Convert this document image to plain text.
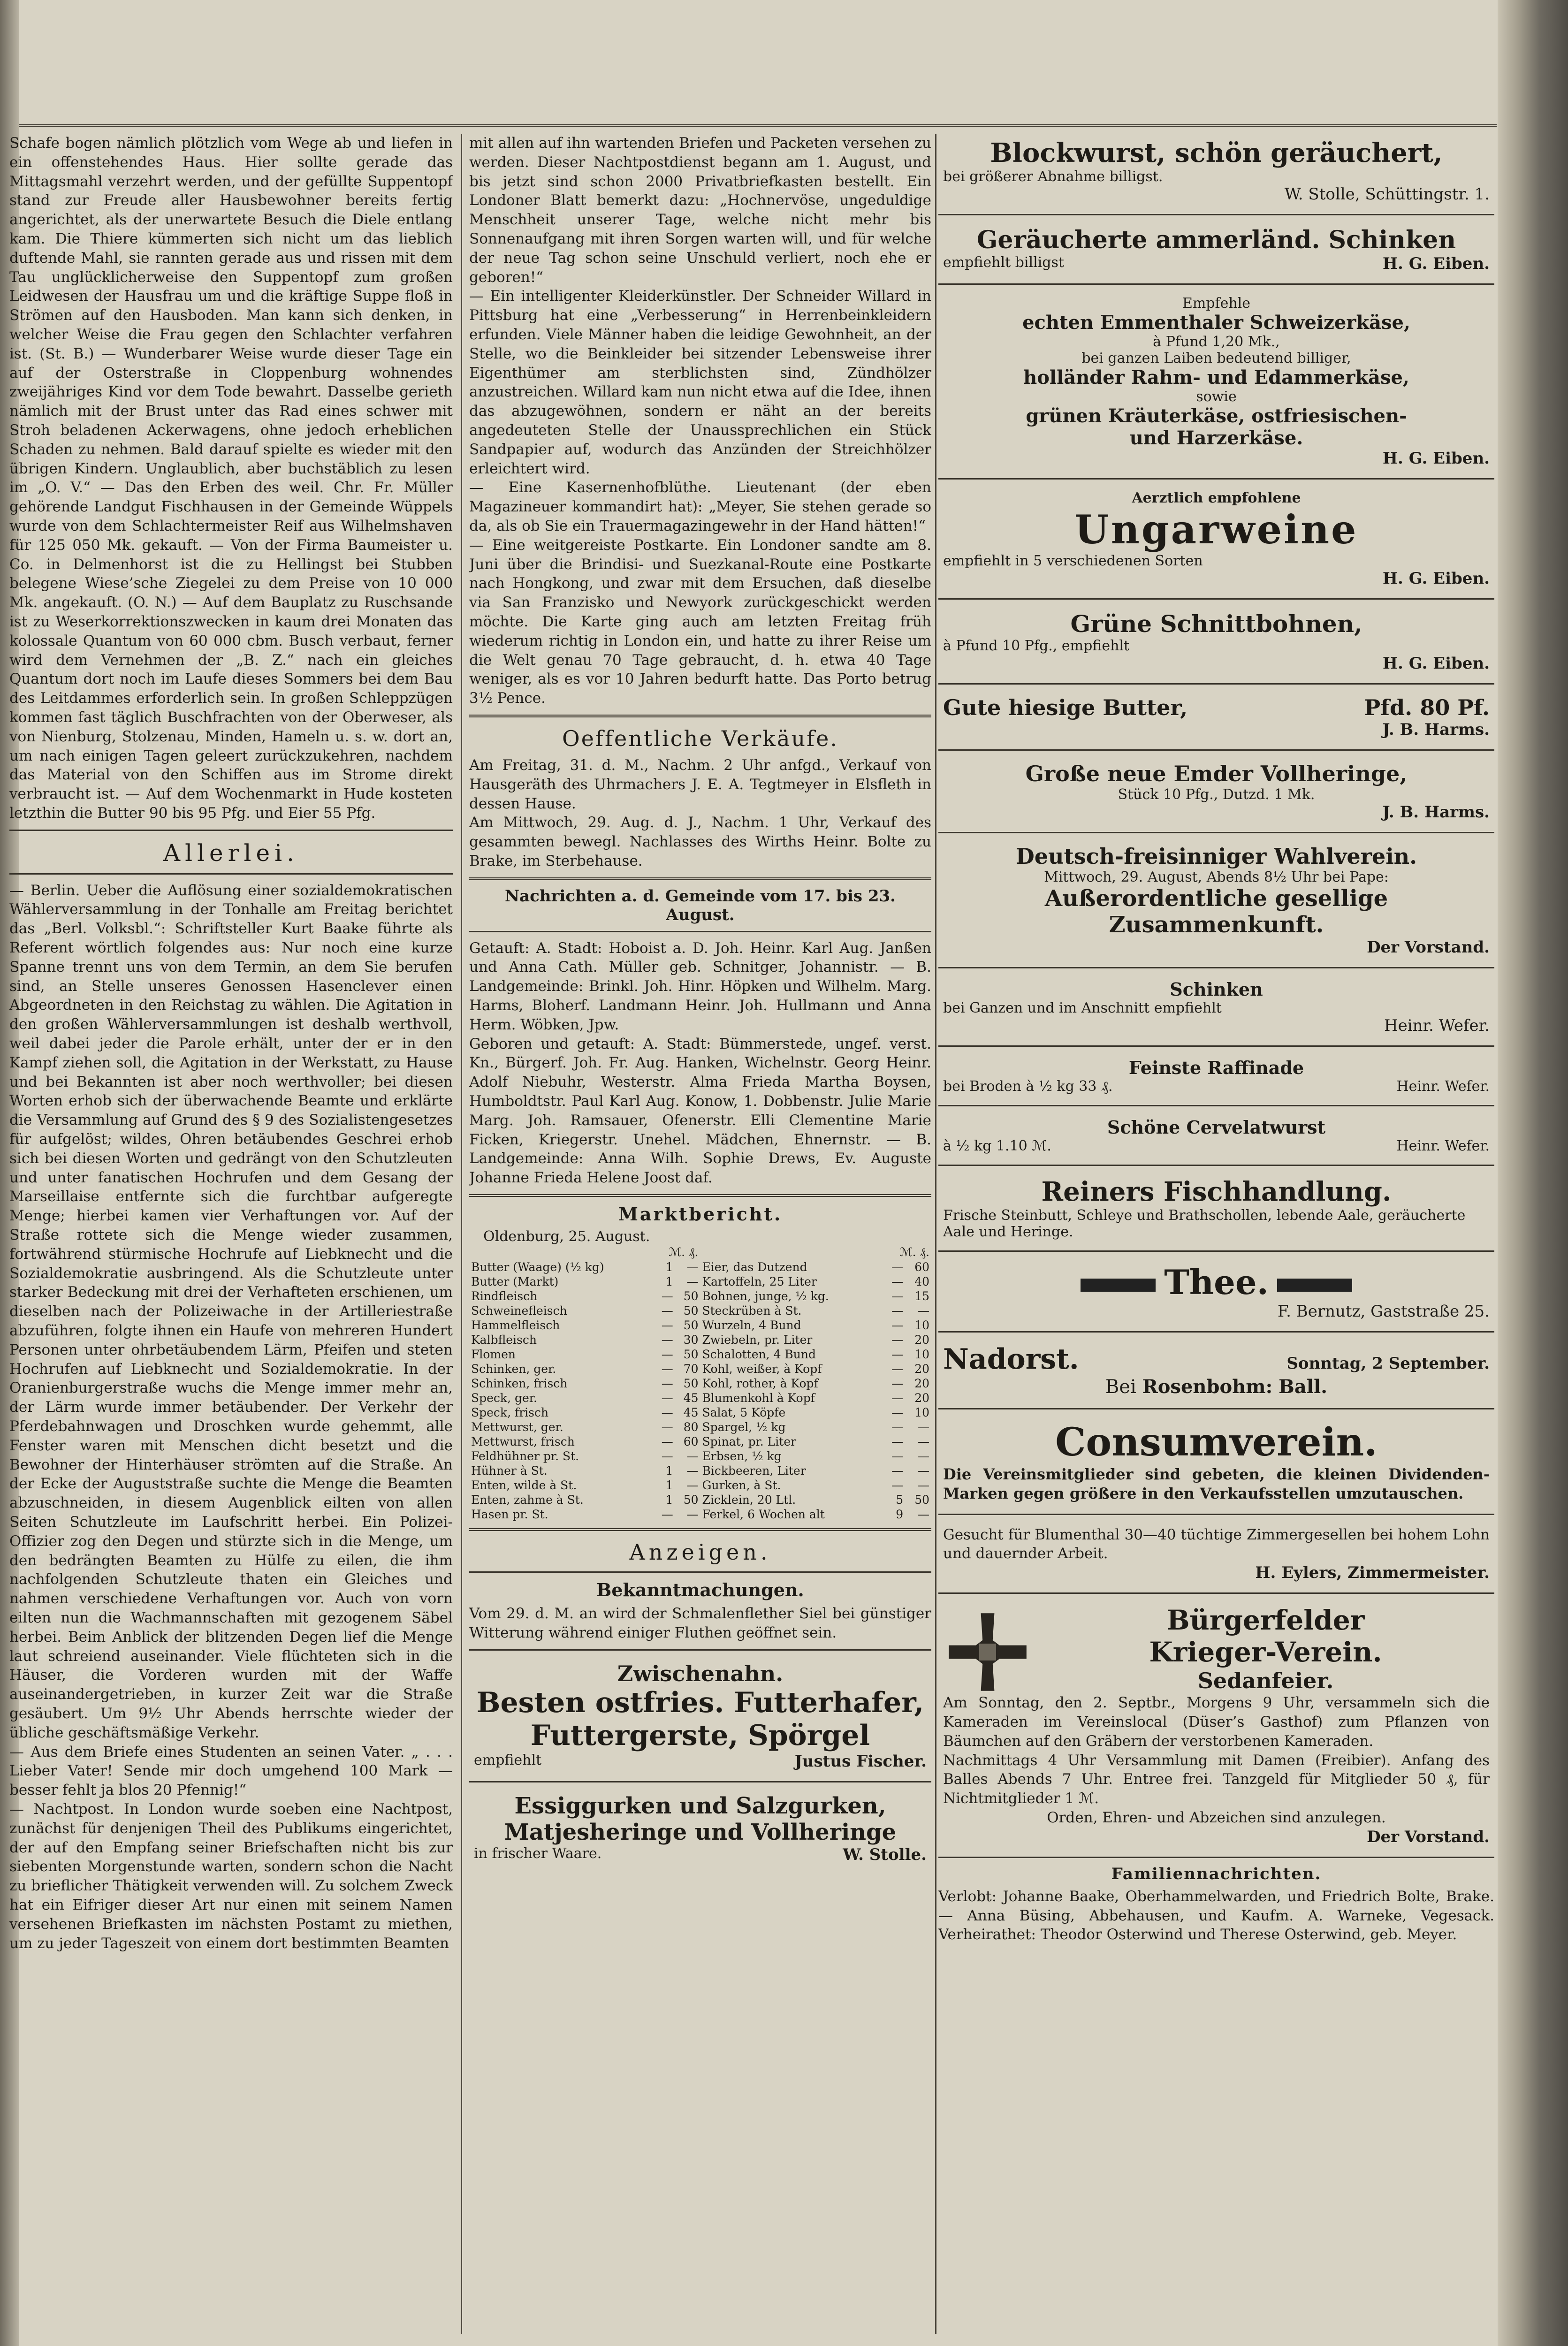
Schafe bogen nämlich plötzlich vom Wege ab und liefen in ein offenstehendes Haus. Hier sollte gerade das Mittagsmahl verzehrt werden, und der gefüllte Suppentopf stand zur Freude aller Hausbewohner bereits fertig angerichtet, als der unerwartete Besuch die Diele entlang kam. Die Thiere kümmerten sich nicht um das lieblich duftende Mahl, sie rannten gerade aus und rissen mit dem Tau unglücklicherweise den Suppentopf zum großen Leidwesen der Hausfrau um und die kräftige Suppe floß in Strömen auf den Hausboden. Man kann sich denken, in welcher Weise die Frau gegen den Schlachter verfahren ist. (St. B.) — Wunderbarer Weise wurde dieser Tage ein auf der Osterstraße in Cloppenburg wohnendes zweijähriges Kind vor dem Tode bewahrt. Dasselbe gerieth nämlich mit der Brust unter das Rad eines schwer mit Stroh beladenen Ackerwagens, ohne jedoch erheblichen Schaden zu nehmen. Bald darauf spielte es wieder mit den übrigen Kindern. Unglaublich, aber buchstäblich zu lesen im „O. V.“ — Das den Erben des weil. Chr. Fr. Müller gehörende Landgut Fischhausen in der Gemeinde Wüppels wurde von dem Schlachtermeister Reif aus Wilhelmshaven für 125 050 Mk. gekauft. — Von der Firma Baumeister u. Co. in Delmenhorst ist die zu Hellingst bei Stubben belegene Wiese’sche Ziegelei zu dem Preise von 10 000 Mk. angekauft. (O. N.) — Auf dem Bauplatz zu Ruschsande ist zu Weserkorrektionszwecken in kaum drei Monaten das kolossale Quantum von 60 000 cbm. Busch verbaut, ferner wird dem Vernehmen der „B. Z.“ nach ein gleiches Quantum dort noch im Laufe dieses Sommers bei dem Bau des Leitdammes erforderlich sein. In großen Schleppzügen kommen fast täglich Buschfrachten von der Oberweser, als von Nienburg, Stolzenau, Minden, Hameln u. s. w. dort an, um nach einigen Tagen geleert zurückzukehren, nachdem das Material von den Schiffen aus im Strome direkt verbraucht ist. — Auf dem Wochenmarkt in Hude kosteten letzthin die Butter 90 bis 95 Pfg. und Eier 55 Pfg.

Allerlei.

— Berlin. Ueber die Auflösung einer sozialdemokratischen Wählerversammlung in der Tonhalle am Freitag berichtet das „Berl. Volksbl.“: Schriftsteller Kurt Baake führte als Referent wörtlich folgendes aus: Nur noch eine kurze Spanne trennt uns von dem Termin, an dem Sie berufen sind, an Stelle unseres Genossen Hasenclever einen Abgeordneten in den Reichstag zu wählen. Die Agitation in den großen Wählerversammlungen ist deshalb werthvoll, weil dabei jeder die Parole erhält, unter der er in den Kampf ziehen soll, die Agitation in der Werkstatt, zu Hause und bei Bekannten ist aber noch werthvoller; bei diesen Worten erhob sich der überwachende Beamte und erklärte die Versammlung auf Grund des § 9 des Sozialistengesetzes für aufgelöst; wildes, Ohren betäubendes Geschrei erhob sich bei diesen Worten und gedrängt von den Schutzleuten und unter fanatischen Hochrufen und dem Gesang der Marseillaise entfernte sich die furchtbar aufgeregte Menge; hierbei kamen vier Verhaftungen vor. Auf der Straße rottete sich die Menge wieder zusammen, fortwährend stürmische Hochrufe auf Liebknecht und die Sozialdemokratie ausbringend. Als die Schutzleute unter starker Bedeckung mit drei der Verhafteten erschienen, um dieselben nach der Polizeiwache in der Artilleriestraße abzuführen, folgte ihnen ein Haufe von mehreren Hundert Personen unter ohrbetäubendem Lärm, Pfeifen und steten Hochrufen auf Liebknecht und Sozialdemokratie. In der Oranienburgerstraße wuchs die Menge immer mehr an, der Lärm wurde immer betäubender. Der Verkehr der Pferdebahnwagen und Droschken wurde gehemmt, alle Fenster waren mit Menschen dicht besetzt und die Bewohner der Hinterhäuser strömten auf die Straße. An der Ecke der Auguststraße suchte die Menge die Beamten abzuschneiden, in diesem Augenblick eilten von allen Seiten Schutzleute im Laufschritt herbei. Ein Polizei-Offizier zog den Degen und stürzte sich in die Menge, um den bedrängten Beamten zu Hülfe zu eilen, die ihm nachfolgenden Schutzleute thaten ein Gleiches und nahmen verschiedene Verhaftungen vor. Auch von vorn eilten nun die Wachmannschaften mit gezogenem Säbel herbei. Beim Anblick der blitzenden Degen lief die Menge laut schreiend auseinander. Viele flüchteten sich in die Häuser, die Vorderen wurden mit der Waffe auseinandergetrieben, in kurzer Zeit war die Straße gesäubert. Um 9½ Uhr Abends herrschte wieder der übliche geschäftsmäßige Verkehr.

— Aus dem Briefe eines Studenten an seinen Vater. „ . . . Lieber Vater! Sende mir doch umgehend 100 Mark — besser fehlt ja blos 20 Pfennig!“

— Nachtpost. In London wurde soeben eine Nachtpost, zunächst für denjenigen Theil des Publikums eingerichtet, der auf den Empfang seiner Briefschaften nicht bis zur siebenten Morgenstunde warten, sondern schon die Nacht zu brieflicher Thätigkeit verwenden will. Zu solchem Zweck hat ein Eifriger dieser Art nur einen mit seinem Namen versehenen Briefkasten im nächsten Postamt zu miethen, um zu jeder Tageszeit von einem dort bestimmten Beamten

mit allen auf ihn wartenden Briefen und Packeten versehen zu werden. Dieser Nachtpostdienst begann am 1. August, und bis jetzt sind schon 2000 Privatbriefkasten bestellt. Ein Londoner Blatt bemerkt dazu: „Hochnervöse, ungeduldige Menschheit unserer Tage, welche nicht mehr bis Sonnenaufgang mit ihren Sorgen warten will, und für welche der neue Tag schon seine Unschuld verliert, noch ehe er geboren!“

— Ein intelligenter Kleiderkünstler. Der Schneider Willard in Pittsburg hat eine „Verbesserung“ in Herrenbeinkleidern erfunden. Viele Männer haben die leidige Gewohnheit, an der Stelle, wo die Beinkleider bei sitzender Lebensweise ihrer Eigenthümer am sterblichsten sind, Zündhölzer anzustreichen. Willard kam nun nicht etwa auf die Idee, ihnen das abzugewöhnen, sondern er näht an der bereits angedeuteten Stelle der Unaussprechlichen ein Stück Sandpapier auf, wodurch das Anzünden der Streichhölzer erleichtert wird.

— Eine Kasernenhofblüthe. Lieutenant (der eben Magazineuer kommandirt hat): „Meyer, Sie stehen gerade so da, als ob Sie ein Trauermagazingewehr in der Hand hätten!“

— Eine weitgereiste Postkarte. Ein Londoner sandte am 8. Juni über die Brindisi- und Suezkanal-Route eine Postkarte nach Hongkong, und zwar mit dem Ersuchen, daß dieselbe via San Franzisko und Newyork zurückgeschickt werden möchte. Die Karte ging auch am letzten Freitag früh wiederum richtig in London ein, und hatte zu ihrer Reise um die Welt genau 70 Tage gebraucht, d. h. etwa 40 Tage weniger, als es vor 10 Jahren bedurft hatte. Das Porto betrug 3½ Pence.

Oeffentliche Verkäufe.

Am Freitag, 31. d. M., Nachm. 2 Uhr anfgd., Verkauf von Hausgeräth des Uhrmachers J. E. A. Tegtmeyer in Elsfleth in dessen Hause.

Am Mittwoch, 29. Aug. d. J., Nachm. 1 Uhr, Verkauf des gesammten bewegl. Nachlasses des Wirths Heinr. Bolte zu Brake, im Sterbehause.

Nachrichten a. d. Gemeinde vom 17. bis 23. August.

Getauft: A. Stadt: Hoboist a. D. Joh. Heinr. Karl Aug. Janßen und Anna Cath. Müller geb. Schnitger, Johannistr. — B. Landgemeinde: Brinkl. Joh. Hinr. Höpken und Wilhelm. Marg. Harms, Bloherf. Landmann Heinr. Joh. Hullmann und Anna Herm. Wöbken, Jpw.

Geboren und getauft: A. Stadt: Bümmerstede, ungef. verst. Kn., Bürgerf. Joh. Fr. Aug. Hanken, Wichelnstr. Georg Heinr. Adolf Niebuhr, Westerstr. Alma Frieda Martha Boysen, Humboldtstr. Paul Karl Aug. Konow, 1. Dobbenstr. Julie Marie Marg. Joh. Ramsauer, Ofenerstr. Elli Clementine Marie Ficken, Kriegerstr. Unehel. Mädchen, Ehnernstr. — B. Landgemeinde: Anna Wilh. Sophie Drews, Ev. Auguste Johanne Frieda Helene Joost daf.

Marktbericht.
Oldenburg, 25. August.
	ℳ. ₰.	
Butter (Waage) (½ kg)	1	—
Butter (Markt)	1	—
Rindfleisch	—	50
Schweinefleisch	—	50
Hammelfleisch	—	50
Kalbfleisch	—	30
Flomen	—	50
Schinken, ger.	—	70
Schinken, frisch	—	50
Speck, ger.	—	45
Speck, frisch	—	45
Mettwurst, ger.	—	80
Mettwurst, frisch	—	60
Feldhühner pr. St.	—	—
Hühner à St.	1	—
Enten, wilde à St.	1	—
Enten, zahme à St.	1	50
Hasen pr. St.	—	—
	ℳ. ₰.	
Eier, das Dutzend	—	60
Kartoffeln, 25 Liter	—	40
Bohnen, junge, ½ kg.	—	15
Steckrüben à St.	—	—
Wurzeln, 4 Bund	—	10
Zwiebeln, pr. Liter	—	20
Schalotten, 4 Bund	—	10
Kohl, weißer, à Kopf	—	20
Kohl, rother, à Kopf	—	20
Blumenkohl à Kopf	—	20
Salat, 5 Köpfe	—	10
Spargel, ½ kg	—	—
Spinat, pr. Liter	—	—
Erbsen, ½ kg	—	—
Bickbeeren, Liter	—	—
Gurken, à St.	—	—
Zicklein, 20 Ltl.	5	50
Ferkel, 6 Wochen alt	9	—
Anzeigen.
Bekanntmachungen.

Vom 29. d. M. an wird der Schmalenflether Siel bei günstiger Witterung während einiger Fluthen geöffnet sein.

Zwischenahn.
Besten ostfries. Futterhafer,
Futtergerste, Spörgel
empfiehlt	Justus Fischer.
Essiggurken und Salzgurken,
Matjesheringe und Vollheringe
in frischer Waare.	W. Stolle.
Blockwurst, schön geräuchert,
bei größerer Abnahme billigst.
W. Stolle, Schüttingstr. 1.
Geräucherte ammerländ. Schinken
empfiehlt billigst	H. G. Eiben.
Empfehle
echten Emmenthaler Schweizerkäse,
à Pfund 1,20 Mk.,
bei ganzen Laiben bedeutend billiger,
holländer Rahm- und Edammerkäse,
sowie
grünen Kräuterkäse, ostfriesischen-
und Harzerkäse.
H. G. Eiben.
Aerztlich empfohlene
Ungarweine
empfiehlt in 5 verschiedenen Sorten
H. G. Eiben.
Grüne Schnittbohnen,
à Pfund 10 Pfg., empfiehlt
H. G. Eiben.
Gute hiesige Butter,	Pfd. 80 Pf.
J. B. Harms.
Große neue Emder Vollheringe,
Stück 10 Pfg., Dutzd. 1 Mk.
J. B. Harms.
Deutsch-freisinniger Wahlverein.
Mittwoch, 29. August, Abends 8½ Uhr bei Pape:
Außerordentliche gesellige
Zusammenkunft.
Der Vorstand.
Schinken
bei Ganzen und im Anschnitt empfiehlt
Heinr. Wefer.
Feinste Raffinade
bei Broden à ½ kg 33 ₰.	Heinr. Wefer.
Schöne Cervelatwurst
à ½ kg 1.10 ℳ.	Heinr. Wefer.
Reiners Fischhandlung.
Frische Steinbutt, Schleye und Brathschollen, lebende Aale, geräucherte Aale und Heringe.
Thee.
F. Bernutz, Gaststraße 25.
Nadorst.	Sonntag, 2 September.
Bei Rosenbohm: Ball.
Consumverein.

Die Vereinsmitglieder sind gebeten, die kleinen Dividenden-Marken gegen größere in den Verkaufsstellen umzutauschen.

Gesucht für Blumenthal 30—40 tüchtige Zimmergesellen bei hohem Lohn und dauernder Arbeit.

H. Eylers, Zimmermeister.
Bürgerfelder
Krieger-Verein.
Sedanfeier.

Am Sonntag, den 2. Septbr., Morgens 9 Uhr, versammeln sich die Kameraden im Vereinslocal (Düser’s Gasthof) zum Pflanzen von Bäumchen auf den Gräbern der verstorbenen Kameraden.

Nachmittags 4 Uhr Versammlung mit Damen (Freibier). Anfang des Balles Abends 7 Uhr. Entree frei. Tanzgeld für Mitglieder 50 ₰, für Nichtmitglieder 1 ℳ.

Orden, Ehren- und Abzeichen sind anzulegen.

Der Vorstand.
Familiennachrichten.

Verlobt: Johanne Baake, Oberhammelwarden, und Friedrich Bolte, Brake. — Anna Büsing, Abbehausen, und Kaufm. A. Warneke, Vegesack. Verheirathet: Theodor Osterwind und Therese Osterwind, geb. Meyer.
